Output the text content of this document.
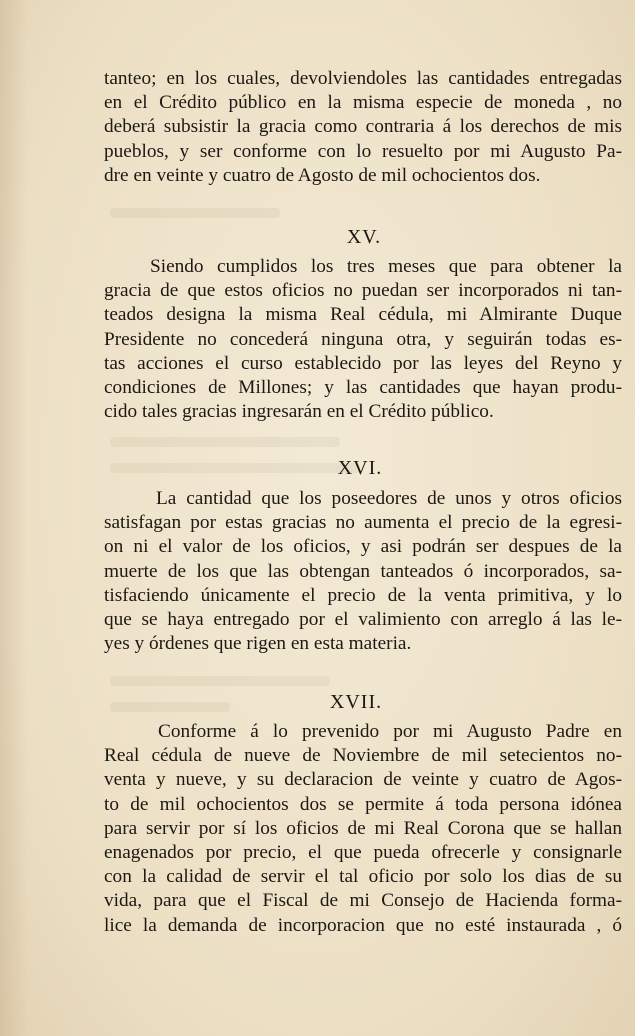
tanteo; en los cuales, devolviendoles las cantidades entregadas
en el Crédito público en la misma especie de moneda , no
deberá subsistir la gracia como contraria á los derechos de mis
pueblos, y ser conforme con lo resuelto por mi Augusto Pa-
dre en veinte y cuatro de Agosto de mil ochocientos dos.
XV.
Siendo cumplidos los tres meses que para obtener la
gracia de que estos oficios no puedan ser incorporados ni tan-
teados designa la misma Real cédula, mi Almirante Duque
Presidente no concederá ninguna otra, y seguirán todas es-
tas acciones el curso establecido por las leyes del Reyno y
condiciones de Millones; y las cantidades que hayan produ-
cido tales gracias ingresarán en el Crédito público.
XVI.
La cantidad que los poseedores de unos y otros oficios
satisfagan por estas gracias no aumenta el precio de la egresi-
on ni el valor de los oficios, y asi podrán ser despues de la
muerte de los que las obtengan tanteados ó incorporados, sa-
tisfaciendo únicamente el precio de la venta primitiva, y lo
que se haya entregado por el valimiento con arreglo á las le-
yes y órdenes que rigen en esta materia.
XVII.
Conforme á lo prevenido por mi Augusto Padre en
Real cédula de nueve de Noviembre de mil setecientos no-
venta y nueve, y su declaracion de veinte y cuatro de Agos-
to de mil ochocientos dos se permite á toda persona idónea
para servir por sí los oficios de mi Real Corona que se hallan
enagenados por precio, el que pueda ofrecerle y consignarle
con la calidad de servir el tal oficio por solo los dias de su
vida, para que el Fiscal de mi Consejo de Hacienda forma-
lice la demanda de incorporacion que no esté instaurada , ó
